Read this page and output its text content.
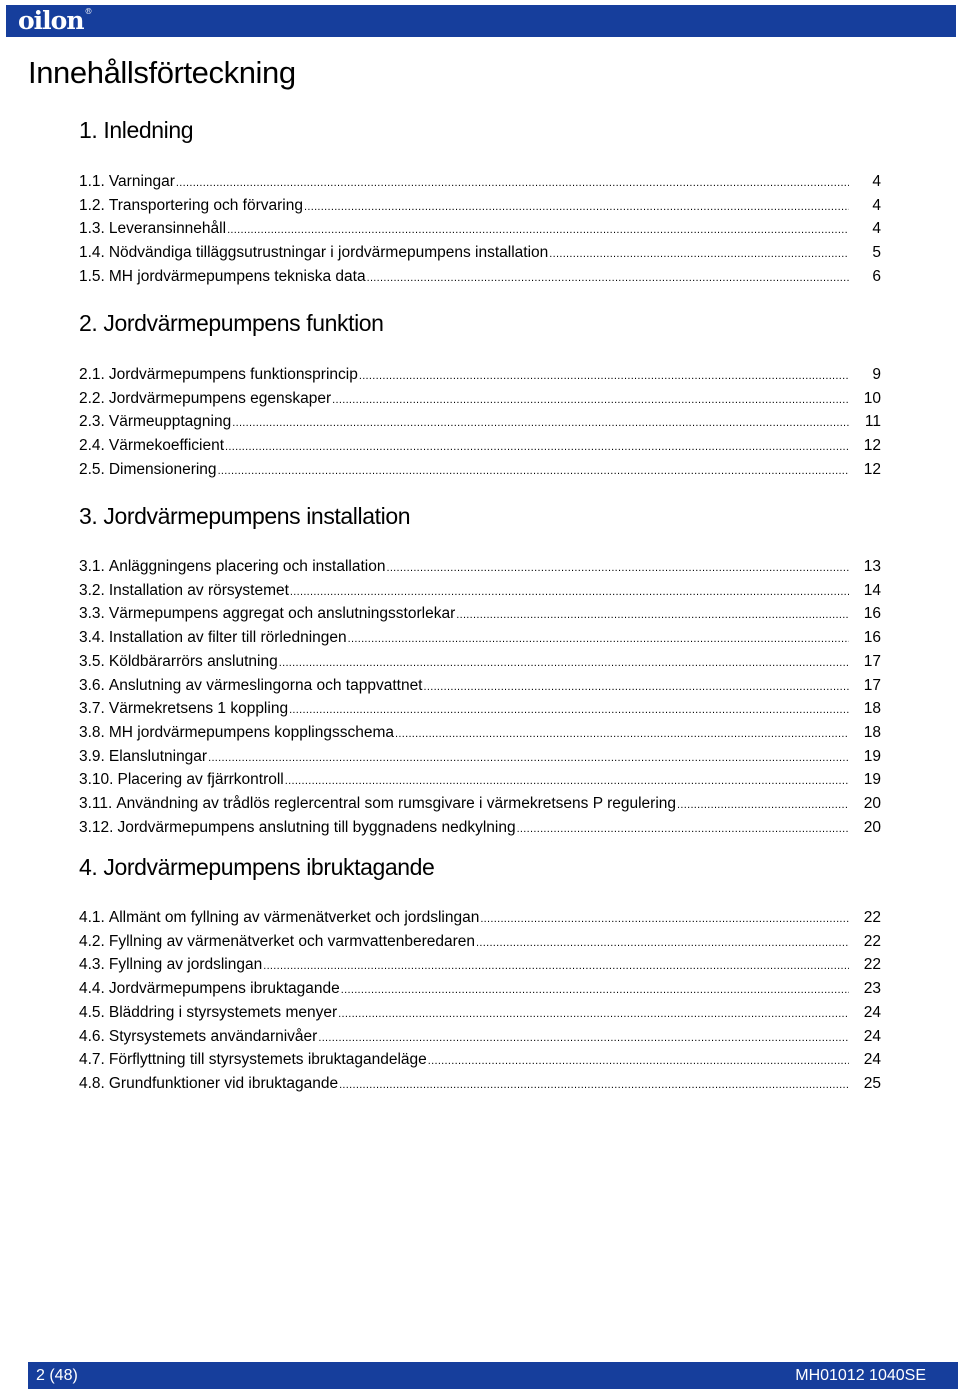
oilon®
Innehållsförteckning
1. Inledning
1.1. Varningar .....	4
1.2. Transportering och förvaring .....	4
1.3. Leveransinnehåll .....	4
1.4. Nödvändiga tilläggsutrustningar i jordvärmepumpens installation .....	5
1.5. MH jordvärmepumpens tekniska data .....	6
2. Jordvärmepumpens funktion
2.1. Jordvärmepumpens funktionsprincip .....	9
2.2. Jordvärmepumpens egenskaper .....	10
2.3. Värmeupptagning .....	11
2.4. Värmekoefficient .....	12
2.5. Dimensionering .....	12
3. Jordvärmepumpens installation
3.1. Anläggningens placering och installation .....	13
3.2. Installation av rörsystemet .....	14
3.3. Värmepumpens aggregat och anslutningsstorlekar .....	16
3.4. Installation av filter till rörledningen .....	16
3.5. Köldbärarrörs anslutning .....	17
3.6. Anslutning av värmeslingorna och tappvattnet .....	17
3.7. Värmekretsens 1 koppling .....	18
3.8. MH jordvärmepumpens kopplingsschema .....	18
3.9. Elanslutningar .....	19
3.10. Placering av fjärrkontroll .....	19
3.11. Användning av trådlös reglercentral som rumsgivare i värmekretsens P regulering .....	20
3.12. Jordvärmepumpens anslutning till byggnadens nedkylning .....	20
4. Jordvärmepumpens ibruktagande
4.1. Allmänt om fyllning av värmenätverket och jordslingan .....	22
4.2. Fyllning av värmenätverket och varmvattenberedaren .....	22
4.3. Fyllning av jordslingan .....	22
4.4. Jordvärmepumpens ibruktagande .....	23
4.5. Bläddring i styrsystemets menyer .....	24
4.6. Styrsystemets användarnivåer .....	24
4.7. Förflyttning till styrsystemets ibruktagandeläge .....	24
4.8. Grundfunktioner vid ibruktagande .....	25
2 (48)	MH01012 1040SE
